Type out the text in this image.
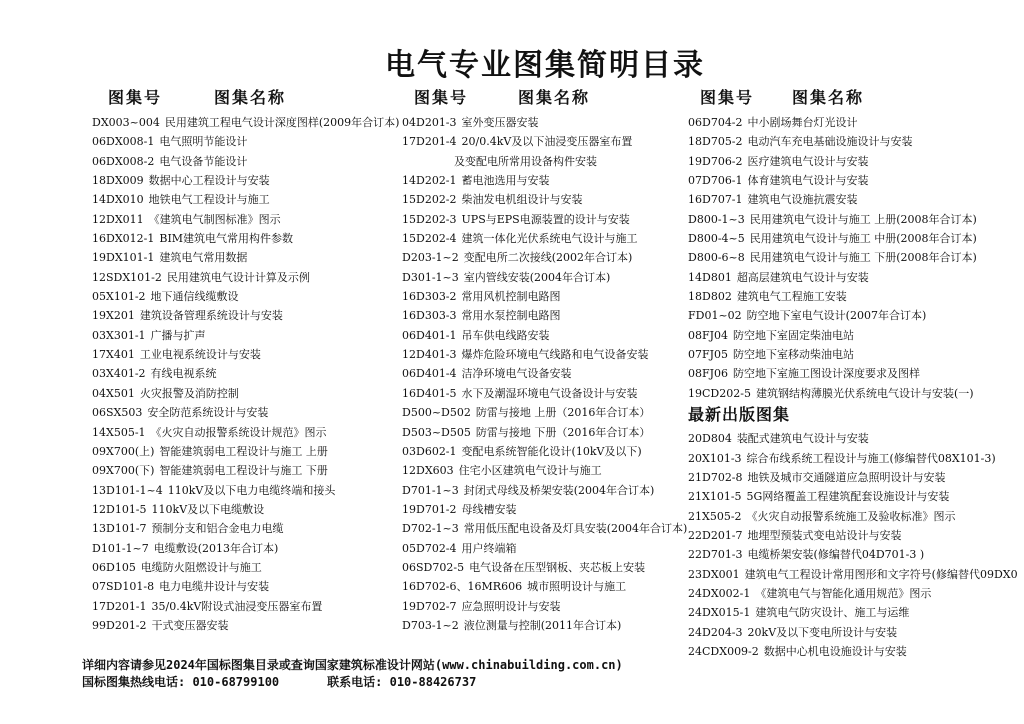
电气专业图集简明目录
图集号	图集名称
DX003~004 民用建筑工程电气设计深度图样(2009年合订本)
06DX008-1 电气照明节能设计
06DX008-2 电气设备节能设计
18DX009 数据中心工程设计与安装
14DX010 地铁电气工程设计与施工
12DX011 《建筑电气制图标准》图示
16DX012-1 BIM建筑电气常用构件参数
19DX101-1 建筑电气常用数据
12SDX101-2 民用建筑电气设计计算及示例
05X101-2 地下通信线缆敷设
19X201 建筑设备管理系统设计与安装
03X301-1 广播与扩声
17X401 工业电视系统设计与安装
03X401-2 有线电视系统
04X501 火灾报警及消防控制
06SX503 安全防范系统设计与安装
14X505-1 《火灾自动报警系统设计规范》图示
09X700(上) 智能建筑弱电工程设计与施工 上册
09X700(下) 智能建筑弱电工程设计与施工 下册
13D101-1~4 110kV及以下电力电缆终端和接头
12D101-5 110kV及以下电缆敷设
13D101-7 预制分支和铝合金电力电缆
D101-1~7 电缆敷设(2013年合订本)
06D105 电缆防火阻燃设计与施工
07SD101-8 电力电缆井设计与安装
17D201-1 35/0.4kV附设式油浸变压器室布置
99D201-2 干式变压器安装
图集号	图集名称
04D201-3 室外变压器安装
17D201-4 20/0.4kV及以下油浸变压器室布置
及变配电所常用设备构件安装
14D202-1 蓄电池选用与安装
15D202-2 柴油发电机组设计与安装
15D202-3 UPS与EPS电源装置的设计与安装
15D202-4 建筑一体化光伏系统电气设计与施工
D203-1~2 变配电所二次接线(2002年合订本)
D301-1~3 室内管线安装(2004年合订本)
16D303-2 常用风机控制电路图
16D303-3 常用水泵控制电路图
06D401-1 吊车供电线路安装
12D401-3 爆炸危险环境电气线路和电气设备安装
06D401-4 洁净环境电气设备安装
16D401-5 水下及潮湿环境电气设备设计与安装
D500~D502 防雷与接地 上册（2016年合订本）
D503~D505 防雷与接地 下册（2016年合订本）
03D602-1 变配电系统智能化设计(10kV及以下)
12DX603 住宅小区建筑电气设计与施工
D701-1~3 封闭式母线及桥架安装(2004年合订本)
19D701-2 母线槽安装
D702-1~3 常用低压配电设备及灯具安装(2004年合订本)
05D702-4 用户终端箱
06SD702-5 电气设备在压型钢板、夹芯板上安装
16D702-6、16MR606 城市照明设计与施工
19D702-7 应急照明设计与安装
D703-1~2 液位测量与控制(2011年合订本)
图集号	图集名称
06D704-2 中小剧场舞台灯光设计
18D705-2 电动汽车充电基础设施设计与安装
19D706-2 医疗建筑电气设计与安装
07D706-1 体育建筑电气设计与安装
16D707-1 建筑电气设施抗震安装
D800-1~3 民用建筑电气设计与施工 上册(2008年合订本)
D800-4~5 民用建筑电气设计与施工 中册(2008年合订本)
D800-6~8 民用建筑电气设计与施工 下册(2008年合订本)
14D801 超高层建筑电气设计与安装
18D802 建筑电气工程施工安装
FD01~02 防空地下室电气设计(2007年合订本)
08FJ04 防空地下室固定柴油电站
07FJ05 防空地下室移动柴油电站
08FJ06 防空地下室施工图设计深度要求及图样
19CD202-5 建筑钢结构薄膜光伏系统电气设计与安装(一)
最新出版图集
20D804 装配式建筑电气设计与安装
20X101-3 综合布线系统工程设计与施工(修编替代08X101-3)
21D702-8 地铁及城市交通隧道应急照明设计与安装
21X101-5 5G网络覆盖工程建筑配套设施设计与安装
21X505-2 《火灾自动报警系统施工及验收标准》图示
22D201-7 地埋型预装式变电站设计与安装
22D701-3 电缆桥架安装(修编替代04D701-3 )
23DX001 建筑电气工程设计常用图形和文字符号(修编替代09DX0
24DX002-1 《建筑电气与智能化通用规范》图示
24DX015-1 建筑电气防灾设计、施工与运维
24D204-3 20kV及以下变电所设计与安装
24CDX009-2 数据中心机电设施设计与安装
详细内容请参见2024年国标图集目录或查询国家建筑标准设计网站(www.chinabuilding.com.cn)
国标图集热线电话: 010-68799100	联系电话: 010-88426737
